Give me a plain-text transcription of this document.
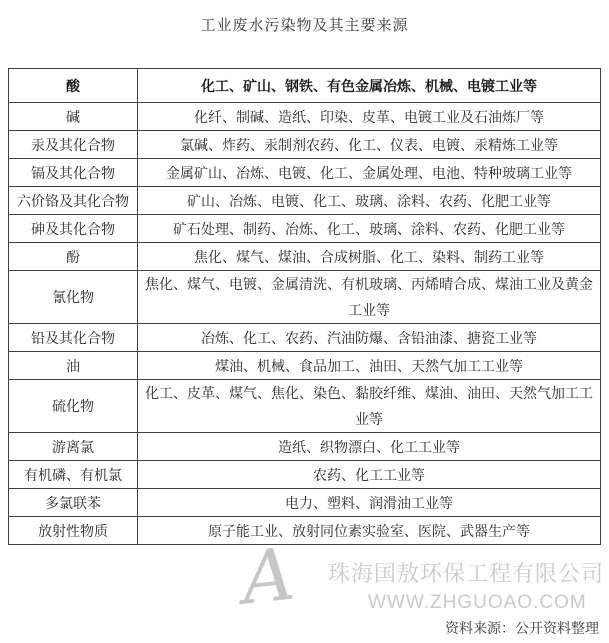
工业废水污染物及其主要来源
酸	化工、矿山、钢铁、有色金属冶炼、机械、电镀工业等
碱	化纤、制碱、造纸、印染、皮革、电镀工业及石油炼厂等
汞及其化合物	氯碱、炸药、汞制剂农药、化工、仪表、电镀、汞精炼工业等
镉及其化合物	金属矿山、冶炼、电镀、化工、金属处理、电池、特种玻璃工业等
六价铬及其化合物	矿山、冶炼、电镀、化工、玻璃、涂料、农药、化肥工业等
砷及其化合物	矿石处理、制药、冶炼、化工、玻璃、涂料、农药、化肥工业等
酚	焦化、煤气、煤油、合成树脂、化工、染料、制药工业等
氰化物	焦化、煤气、电镀、金属清洗、有机玻璃、丙烯晴合成、煤油工业及黄金工业等
铅及其化合物	冶炼、化工、农药、汽油防爆、含铅油漆、搪瓷工业等
油	煤油、机械、食品加工、油田、天然气加工工业等
硫化物	化工、皮革、煤气、焦化、染色、黏胶纤维、煤油、油田、天然气加工工业等
游离氯	造纸、织物漂白、化工工业等
有机磷、有机氯	农药、化工工业等
多氯联苯	电力、塑料、润滑油工业等
放射性物质	原子能工业、放射同位素实验室、医院、武器生产等
A 珠海国敖环保工程有限公司
WWW.ZHGUOAO.COM
资料来源：公开资料整理
